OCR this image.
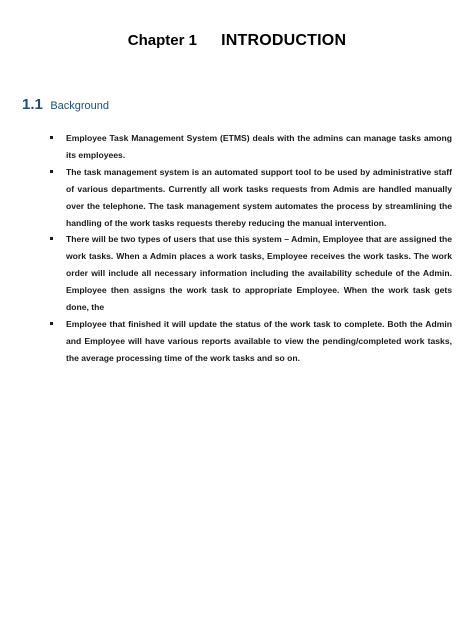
Chapter 1 INTRODUCTION
1.1 Background
Employee Task Management System (ETMS) deals with the admins can manage tasks among its employees.
The task management system is an automated support tool to be used by administrative staff of various departments. Currently all work tasks requests from Admis are handled manually over the telephone. The task management system automates the process by streamlining the handling of the work tasks requests thereby reducing the manual intervention.
There will be two types of users that use this system – Admin, Employee that are assigned the work tasks. When a Admin places a work tasks, Employee receives the work tasks. The work order will include all necessary information including the availability schedule of the Admin. Employee then assigns the work task to appropriate Employee. When the work task gets done, the
Employee that finished it will update the status of the work task to complete. Both the Admin and Employee will have various reports available to view the pending/completed work tasks, the average processing time of the work tasks and so on.
